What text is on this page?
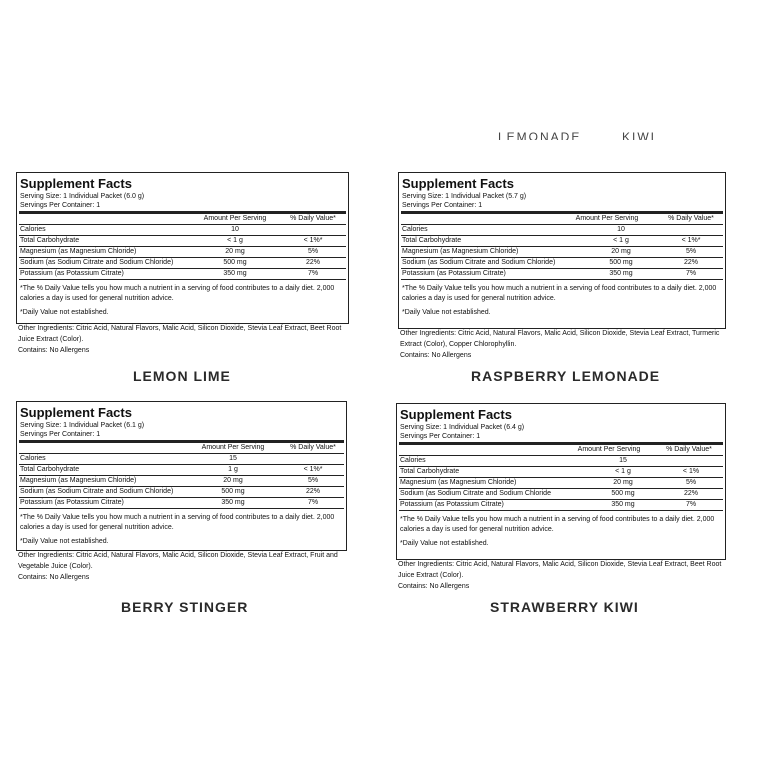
LEMONADE	KIWI
Supplement Facts
Serving Size: 1 Individual Packet (6.0 g)
Servings Per Container: 1
Amount Per Serving	% Daily Value*
Calories	10
Total Carbohydrate	< 1 g	< 1%*
Magnesium (as Magnesium Chloride)	20 mg	5%
Sodium (as Sodium Citrate and Sodium Chloride)	500 mg	22%
Potassium (as Potassium Citrate)	350 mg	7%
*The % Daily Value tells you how much a nutrient in a serving of food contributes to a daily diet. 2,000 calories a day is used for general nutrition advice.
*Daily Value not established.
Other Ingredients: Citric Acid, Natural Flavors, Malic Acid, Silicon Dioxide, Stevia Leaf Extract, Beet Root Juice Extract (Color).
Contains: No Allergens
LEMON LIME
Supplement Facts
Serving Size: 1 Individual Packet (5.7 g)
Servings Per Container: 1
Amount Per Serving	% Daily Value*
Calories	10
Total Carbohydrate	< 1 g	< 1%*
Magnesium (as Magnesium Chloride)	20 mg	5%
Sodium (as Sodium Citrate and Sodium Chloride)	500 mg	22%
Potassium (as Potassium Citrate)	350 mg	7%
*The % Daily Value tells you how much a nutrient in a serving of food contributes to a daily diet. 2,000 calories a day is used for general nutrition advice.
*Daily Value not established.
Other Ingredients: Citric Acid, Natural Flavors, Malic Acid, Silicon Dioxide, Stevia Leaf Extract, Turmeric Extract (Color), Copper Chlorophyllin.
Contains: No Allergens
RASPBERRY LEMONADE
Supplement Facts
Serving Size: 1 Individual Packet (6.1 g)
Servings Per Container: 1
Amount Per Serving	% Daily Value*
Calories	15
Total Carbohydrate	1 g	< 1%*
Magnesium (as Magnesium Chloride)	20 mg	5%
Sodium (as Sodium Citrate and Sodium Chloride)	500 mg	22%
Potassium (as Potassium Citrate)	350 mg	7%
*The % Daily Value tells you how much a nutrient in a serving of food contributes to a daily diet. 2,000 calories a day is used for general nutrition advice.
*Daily Value not established.
Other Ingredients: Citric Acid, Natural Flavors, Malic Acid, Silicon Dioxide, Stevia Leaf Extract, Fruit and Vegetable Juice (Color).
Contains: No Allergens
BERRY STINGER
Supplement Facts
Serving Size: 1 Individual Packet (6.4 g)
Servings Per Container: 1
Amount Per Serving	% Daily Value*
Calories	15
Total Carbohydrate	< 1 g	< 1%
Magnesium (as Magnesium Chloride)	20 mg	5%
Sodium (as Sodium Citrate and Sodium Chloride	500 mg	22%
Potassium (as Potassium Citrate)	350 mg	7%
*The % Daily Value tells you how much a nutrient in a serving of food contributes to a daily diet. 2,000 calories a day is used for general nutrition advice.
*Daily Value not established.
Other Ingredients: Citric Acid, Natural Flavors, Malic Acid, Silicon Dioxide, Stevia Leaf Extract, Beet Root Juice Extract (Color).
Contains: No Allergens
STRAWBERRY KIWI
